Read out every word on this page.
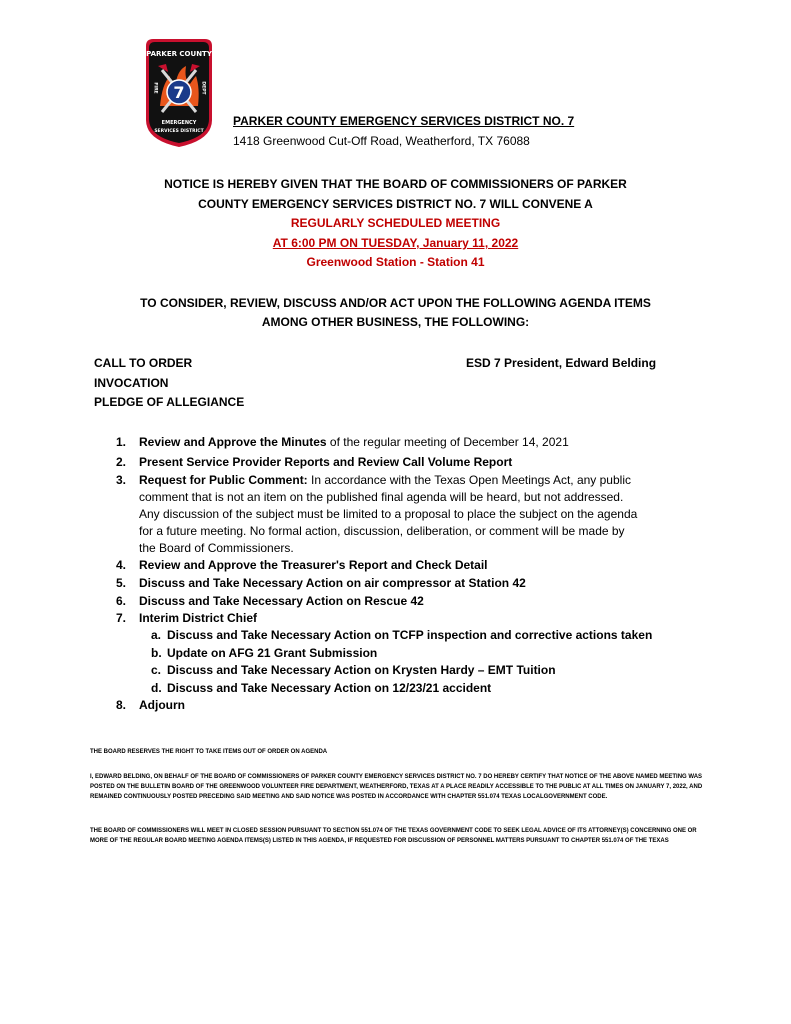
7
PARKER COUNTY
FIRE	DEPT
EMERGENCY
SERVICES DISTRICT
PARKER COUNTY EMERGENCY SERVICES DISTRICT NO. 7
1418 Greenwood Cut-Off Road, Weatherford, TX 76088
NOTICE IS HEREBY GIVEN THAT THE BOARD OF COMMISSIONERS OF PARKER
COUNTY EMERGENCY SERVICES DISTRICT NO. 7 WILL CONVENE A
REGULARLY SCHEDULED MEETING
AT 6:00 PM ON TUESDAY, January 11, 2022
Greenwood Station - Station 41
TO CONSIDER, REVIEW, DISCUSS AND/OR ACT UPON THE FOLLOWING AGENDA ITEMS
AMONG OTHER BUSINESS, THE FOLLOWING:
CALL TO ORDER	ESD 7 President, Edward Belding
INVOCATION
PLEDGE OF ALLEGIANCE
1. Review and Approve the Minutes of the regular meeting of December 14, 2021
2. Present Service Provider Reports and Review Call Volume Report
3. Request for Public Comment: In accordance with the Texas Open Meetings Act, any public
comment that is not an item on the published final agenda will be heard, but not addressed.
Any discussion of the subject must be limited to a proposal to place the subject on the agenda
for a future meeting. No formal action, discussion, deliberation, or comment will be made by
the Board of Commissioners.
4. Review and Approve the Treasurer's Report and Check Detail
5. Discuss and Take Necessary Action on air compressor at Station 42
6. Discuss and Take Necessary Action on Rescue 42
7. Interim District Chief
a. Discuss and Take Necessary Action on TCFP inspection and corrective actions taken
b. Update on AFG 21 Grant Submission
c. Discuss and Take Necessary Action on Krysten Hardy – EMT Tuition
d. Discuss and Take Necessary Action on 12/23/21 accident
8. Adjourn
THE BOARD RESERVES THE RIGHT TO TAKE ITEMS OUT OF ORDER ON AGENDA
I, EDWARD BELDING, ON BEHALF OF THE BOARD OF COMMISSIONERS OF PARKER COUNTY EMERGENCY SERVICES DISTRICT NO. 7 DO HEREBY CERTIFY THAT NOTICE OF THE ABOVE NAMED MEETING WAS POSTED ON THE BULLETIN BOARD OF THE GREENWOOD VOLUNTEER FIRE DEPARTMENT, WEATHERFORD, TEXAS AT A PLACE READILY ACCESSIBLE TO THE PUBLIC AT ALL TIMES ON JANUARY 7, 2022, AND REMAINED CONTINUOUSLY POSTED PRECEDING SAID MEETING AND SAID NOTICE WAS POSTED IN ACCORDANCE WITH CHAPTER 551.074 TEXAS LOCALGOVERNMENT CODE.
THE BOARD OF COMMISSIONERS WILL MEET IN CLOSED SESSION PURSUANT TO SECTION 551.074 OF THE TEXAS GOVERNMENT CODE TO SEEK LEGAL ADVICE OF ITS ATTORNEY(S) CONCERNING ONE OR MORE OF THE REGULAR BOARD MEETING AGENDA ITEMS(S) LISTED IN THIS AGENDA, IF REQUESTED FOR DISCUSSION OF PERSONNEL MATTERS PURSUANT TO CHAPTER 551.074 OF THE TEXAS
